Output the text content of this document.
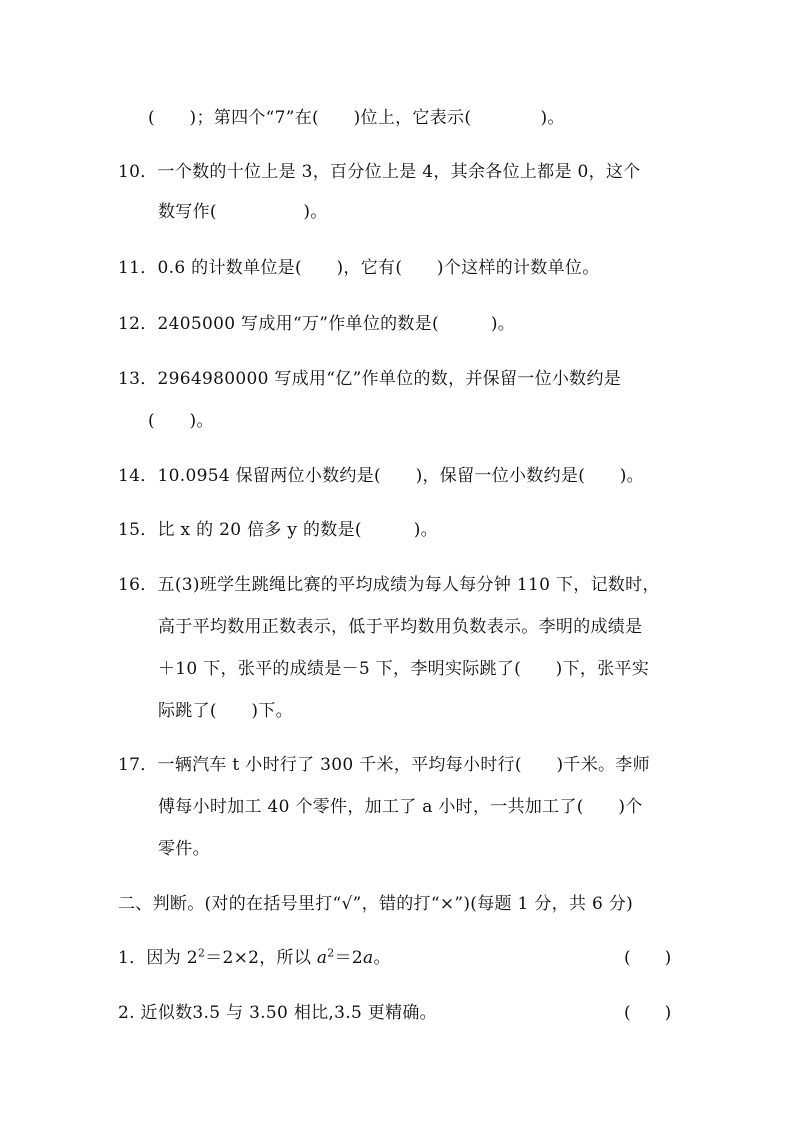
(　　)；第四个“7”在(　　)位上，它表示(　　　　)。
10．一个数的十位上是 3，百分位上是 4，其余各位上都是 0，这个
数写作(　　　　　)。
11．0.6 的计数单位是(　　)，它有(　　)个这样的计数单位。
12．2405000 写成用“万”作单位的数是(　　　)。
13．2964980000 写成用“亿”作单位的数，并保留一位小数约是
(　　)。
14．10.0954 保留两位小数约是(　　)，保留一位小数约是(　　)。
15．比 x 的 20 倍多 y 的数是(　　　)。
16．五(3)班学生跳绳比赛的平均成绩为每人每分钟 110 下，记数时，
高于平均数用正数表示，低于平均数用负数表示。李明的成绩是
＋10 下，张平的成绩是－5 下，李明实际跳了(　　)下，张平实
际跳了(　　)下。
17．一辆汽车 t 小时行了 300 千米，平均每小时行(　　)千米。李师
傅每小时加工 40 个零件，加工了 a 小时，一共加工了(　　)个
零件。
二、判断。(对的在括号里打“√”，错的打“×”)(每题 1 分，共 6 分)
1．因为 $2^2=2\times 2$，所以 $a^2=2a$。	(　　)
2. 近似数3.5 与 3.50 相比,3.5 更精确。	(　　)
